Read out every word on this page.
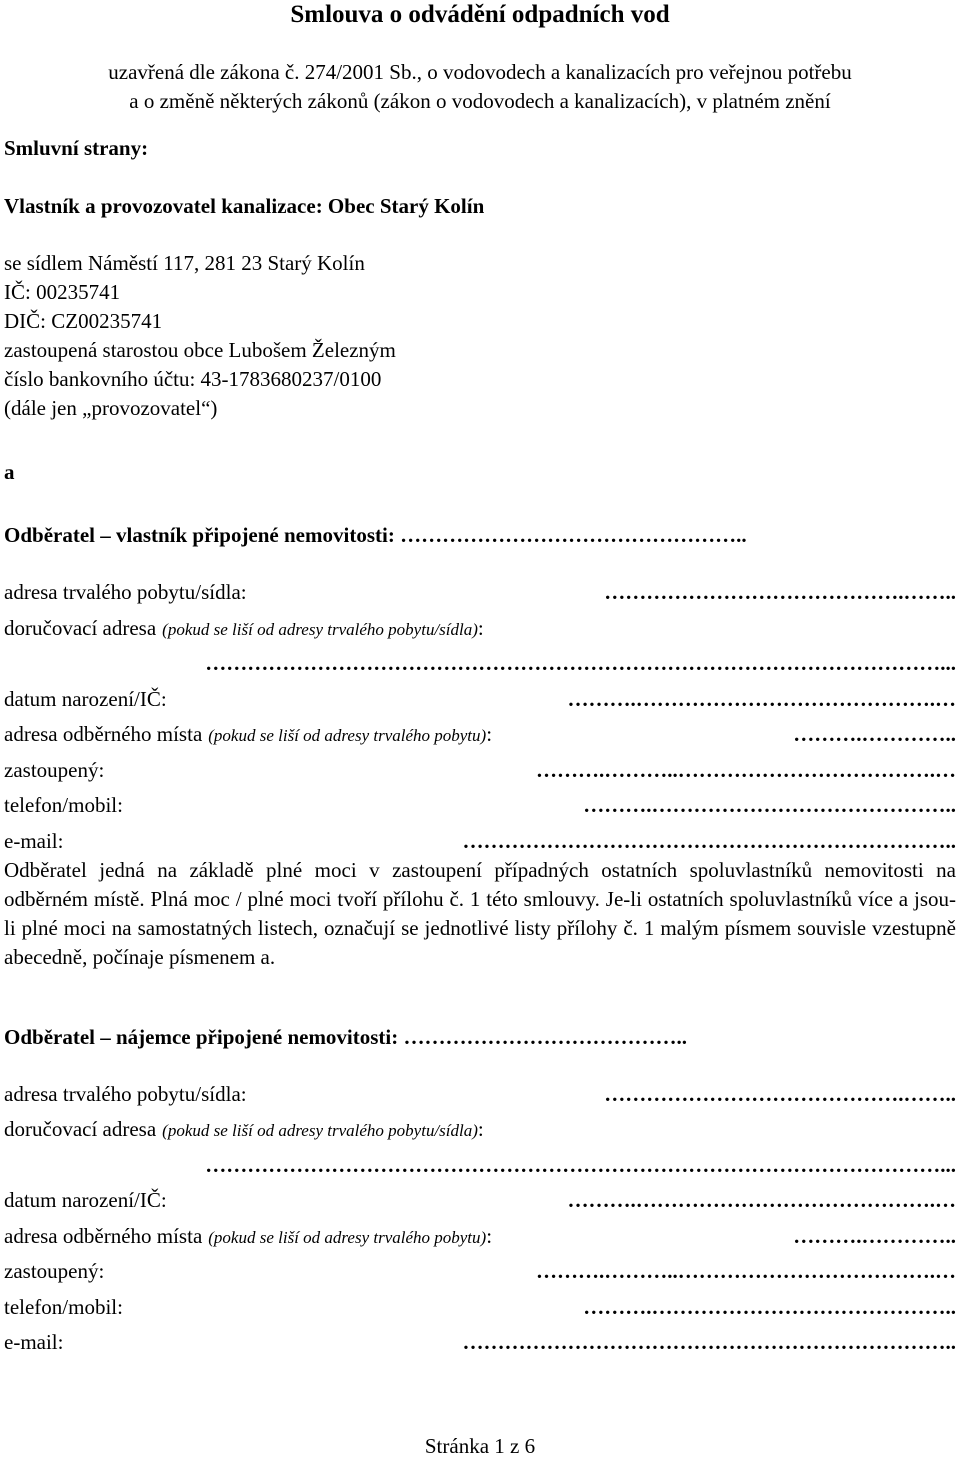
Smlouva o odvádění odpadních vod
uzavřená dle zákona č. 274/2001 Sb., o vodovodech a kanalizacích pro veřejnou potřebu
a o změně některých zákonů (zákon o vodovodech a kanalizacích), v platném znění
Smluvní strany:
Vlastník a provozovatel kanalizace: Obec Starý Kolín
se sídlem Náměstí 117, 281 23 Starý Kolín
IČ: 00235741
DIČ: CZ00235741
zastoupená starostou obce Lubošem Železným
číslo bankovního účtu: 43-1783680237/0100
(dále jen „provozovatel“)
a
Odběratel – vlastník připojené nemovitosti: …………………………………………..
adresa trvalého pobytu/sídla:	…………………………………….……..
doručovací adresa (pokud se liší od adresy trvalého pobytu/sídla) :
……………………………………………………………………………………………...
datum narození/IČ:	……….…………………………………….…
adresa odběrného místa (pokud se liší od adresy trvalého pobytu) :	……….…………..
zastoupený:	……….………..……………………………….…
telefon/mobil:	……….……………………………………..
e-mail:	……………………………………………………………..

Odběratel jedná na základě plné moci v zastoupení případných ostatních spoluvlastníků nemovitosti na odběrném místě. Plná moc / plné moci tvoří přílohu č. 1 této smlouvy. Je-li ostatních spoluvlastníků více a jsou-li plné moci na samostatných listech, označují se jednotlivé listy přílohy č. 1 malým písmem souvisle vzestupně abecedně, počínaje písmenem a.

Odběratel – nájemce připojené nemovitosti: …………………………………..
adresa trvalého pobytu/sídla:	…………………………………….……..
doručovací adresa (pokud se liší od adresy trvalého pobytu/sídla) :
……………………………………………………………………………………………...
datum narození/IČ:	……….…………………………………….…
adresa odběrného místa (pokud se liší od adresy trvalého pobytu) :	……….…………..
zastoupený:	……….………..……………………………….…
telefon/mobil:	……….……………………………………..
e-mail:	……………………………………………………………..
Stránka 1 z 6
